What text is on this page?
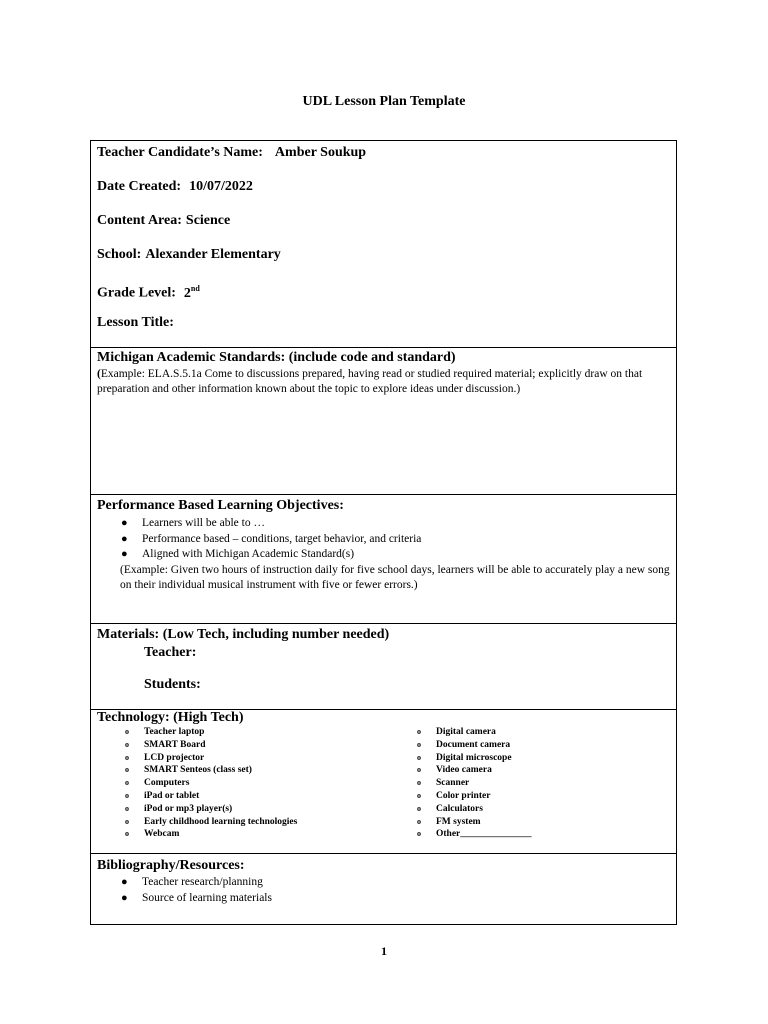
UDL Lesson Plan Template
Teacher Candidate’s Name: Amber Soukup
Date Created: 10/07/2022
Content Area: Science
School: Alexander Elementary
Grade Level: 2nd
Lesson Title:
Michigan Academic Standards: (include code and standard)
(Example: ELA.S.5.1a Come to discussions prepared, having read or studied required material; explicitly draw on that preparation and other information known about the topic to explore ideas under discussion.)
Performance Based Learning Objectives:
● Learners will be able to …
● Performance based – conditions, target behavior, and criteria
● Aligned with Michigan Academic Standard(s)
(Example: Given two hours of instruction daily for five school days, learners will be able to accurately play a new song on their individual musical instrument with five or fewer errors.)
Materials: (Low Tech, including number needed)
Teacher:
Students:
Technology: (High Tech)
o Teacher laptop
o SMART Board
o LCD projector
o SMART Senteos (class set)
o Computers
o iPad or tablet
o iPod or mp3 player(s)
o Early childhood learning technologies
o Webcam
o Digital camera
o Document camera
o Digital microscope
o Video camera
o Scanner
o Color printer
o Calculators
o FM system
o Other_______________
Bibliography/Resources:
● Teacher research/planning
● Source of learning materials
1
